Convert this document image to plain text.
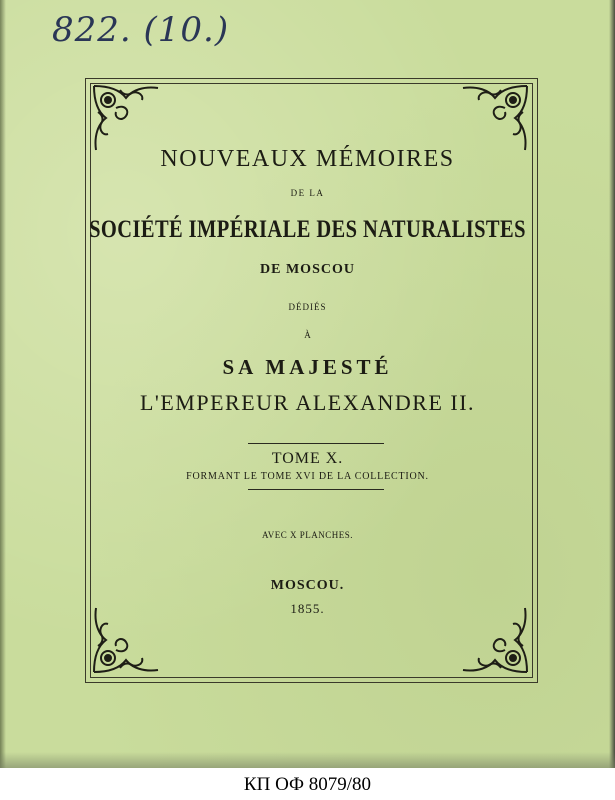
822. (10.)
NOUVEAUX MÉMOIRES
DE LA
SOCIÉTÉ IMPÉRIALE DES NATURALISTES
DE MOSCOU
DÉDIÉS
À
SA MAJESTÉ
L'EMPEREUR ALEXANDRE II.
TOME X.
FORMANT LE TOME XVI DE LA COLLECTION.
AVEC X PLANCHES.
MOSCOU.
1855.
КП ОФ 8079/80
